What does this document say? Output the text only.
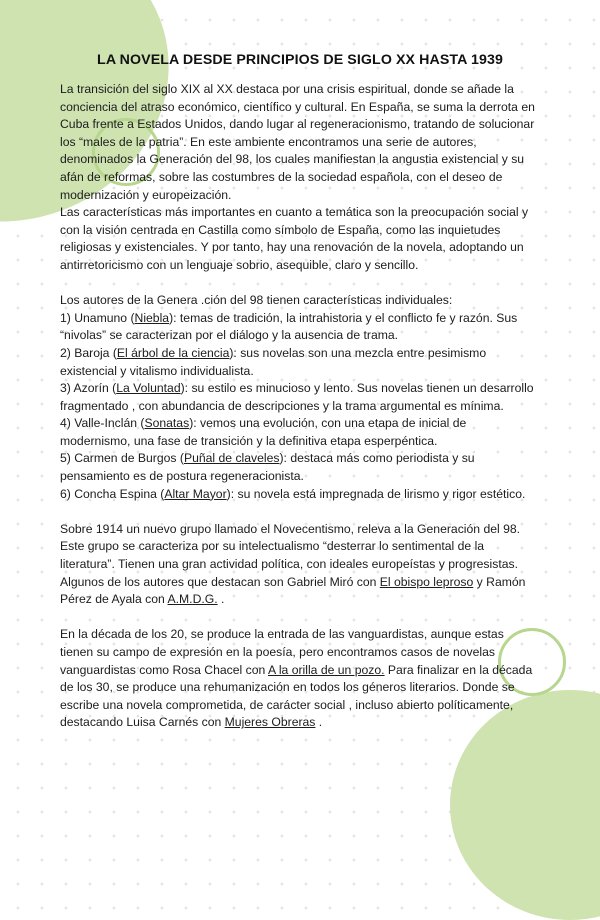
LA NOVELA DESDE PRINCIPIOS DE SIGLO XX HASTA 1939

La transición del siglo XIX al XX destaca por una crisis espiritual, donde se añade la conciencia del atraso económico, científico y cultural. En España, se suma la derrota en Cuba frente a Estados Unidos, dando lugar al regeneracionismo, tratando de solucionar los “males de la patria”. En este ambiente encontramos una serie de autores, denominados la Generación del 98, los cuales manifiestan la angustia existencial y su afán de reformas, sobre las costumbres de la sociedad española, con el deseo de modernización y europeización.

Las características más importantes en cuanto a temática son la preocupación social y con la visión centrada en Castilla como símbolo de España, como las inquietudes religiosas y existenciales. Y por tanto, hay una renovación de la novela, adoptando un antirretoricismo con un lenguaje sobrio, asequible, claro y sencillo.

Los autores de la Genera .ción del 98 tienen características individuales:

1) Unamuno (Niebla): temas de tradición, la intrahistoria y el conflicto fe y razón. Sus “nivolas” se caracterizan por el diálogo y la ausencia de trama.

2) Baroja (El árbol de la ciencia): sus novelas son una mezcla entre pesimismo existencial y vitalismo individualista.

3) Azorín (La Voluntad): su estilo es minucioso y lento. Sus novelas tienen un desarrollo fragmentado , con abundancia de descripciones y la trama argumental es mínima.

4) Valle-Inclán (Sonatas): vemos una evolución, con una etapa de inicial de modernismo, una fase de transición y la definitiva etapa esperpéntica.

5) Carmen de Burgos (Puñal de claveles): destaca más como periodista y su pensamiento es de postura regeneracionista.

6) Concha Espina (Altar Mayor): su novela está impregnada de lirismo y rigor estético.

Sobre 1914 un nuevo grupo llamado el Novecentismo, releva a la Generación del 98. Este grupo se caracteriza por su intelectualismo “desterrar lo sentimental de la literatura”. Tienen una gran actividad política, con ideales europeístas y progresistas. Algunos de los autores que destacan son Gabriel Miró con El obispo leproso y Ramón Pérez de Ayala con A.M.D.G. .

En la década de los 20, se produce la entrada de las vanguardistas, aunque estas tienen su campo de expresión en la poesía, pero encontramos casos de novelas vanguardistas como Rosa Chacel con A la orilla de un pozo. Para finalizar en la década de los 30, se produce una rehumanización en todos los géneros literarios. Donde se escribe una novela comprometida, de carácter social , incluso abierto políticamente, destacando Luisa Carnés con Mujeres Obreras .
